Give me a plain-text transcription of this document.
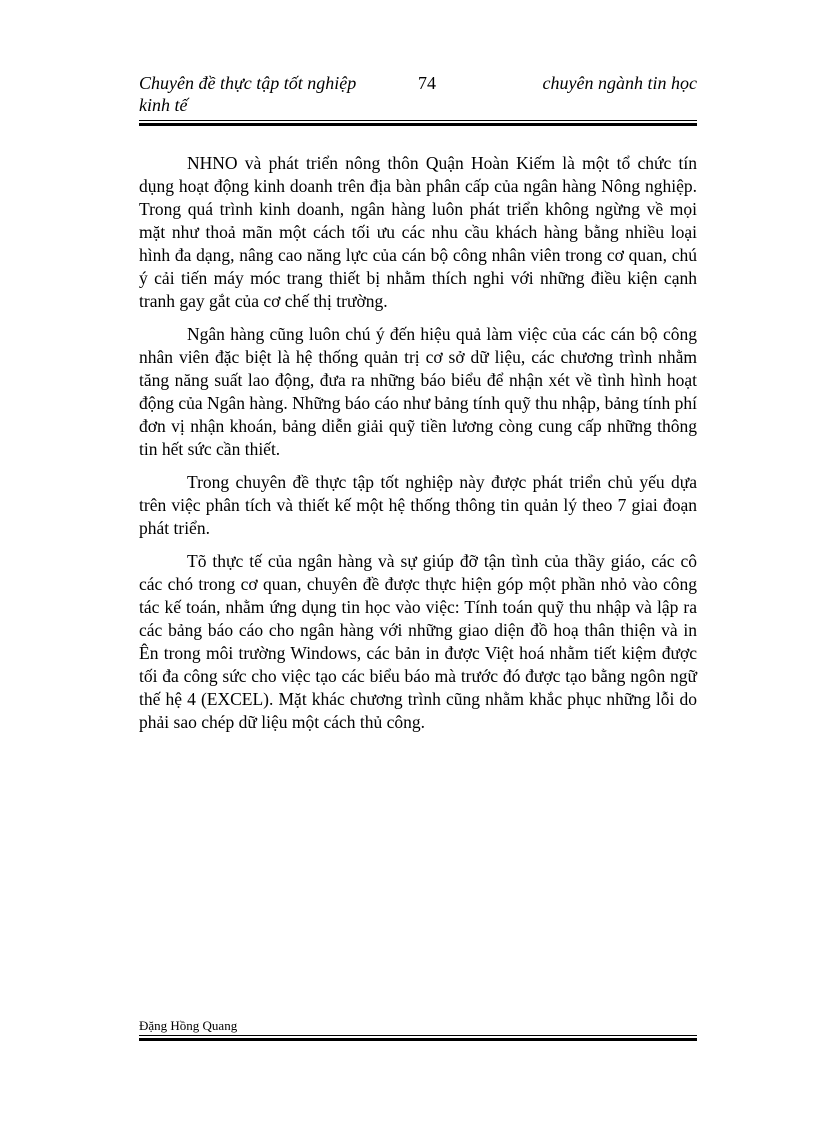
Chuyên đề thực tập tốt nghiệp
kinh tế
74	chuyên ngành tin học

NHNO và phát triển nông thôn Quận Hoàn Kiếm là một tổ chức tín dụng hoạt động kinh doanh trên địa bàn phân cấp của ngân hàng Nông nghiệp. Trong quá trình kinh doanh, ngân hàng luôn phát triển không ngừng về mọi mặt như thoả mãn một cách tối ưu các nhu cầu khách hàng bằng nhiều loại hình đa dạng, nâng cao năng lực của cán bộ công nhân viên trong cơ quan, chú ý cải tiến máy móc trang thiết bị nhằm thích nghi với những điều kiện cạnh tranh gay gắt của cơ chế thị trường.

Ngân hàng cũng luôn chú ý đến hiệu quả làm việc của các cán bộ công nhân viên đặc biệt là hệ thống quản trị cơ sở dữ liệu, các chương trình nhằm tăng năng suất lao động, đưa ra những báo biểu để nhận xét về tình hình hoạt động của Ngân hàng. Những báo cáo như bảng tính quỹ thu nhập, bảng tính phí đơn vị nhận khoán, bảng diễn giải quỹ tiền lương còng cung cấp những thông tin hết sức cần thiết.

Trong chuyên đề thực tập tốt nghiệp này được phát triển chủ yếu dựa trên việc phân tích và thiết kế một hệ thống thông tin quản lý theo 7 giai đoạn phát triển.

Tõ thực tế của ngân hàng và sự giúp đỡ tận tình của thầy giáo, các cô các chó trong cơ quan, chuyên đề được thực hiện góp một phần nhỏ vào công tác kế toán, nhằm ứng dụng tin học vào việc: Tính toán quỹ thu nhập và lập ra các bảng báo cáo cho ngân hàng với những giao diện đồ hoạ thân thiện và in Ên trong môi trường Windows, các bản in được Việt hoá nhằm tiết kiệm được tối đa công sức cho việc tạo các biểu báo mà trước đó được tạo bằng ngôn ngữ thế hệ 4 (EXCEL). Mặt khác chương trình cũng nhằm khắc phục những lỗi do phải sao chép dữ liệu một cách thủ công.

Đặng Hồng Quang
